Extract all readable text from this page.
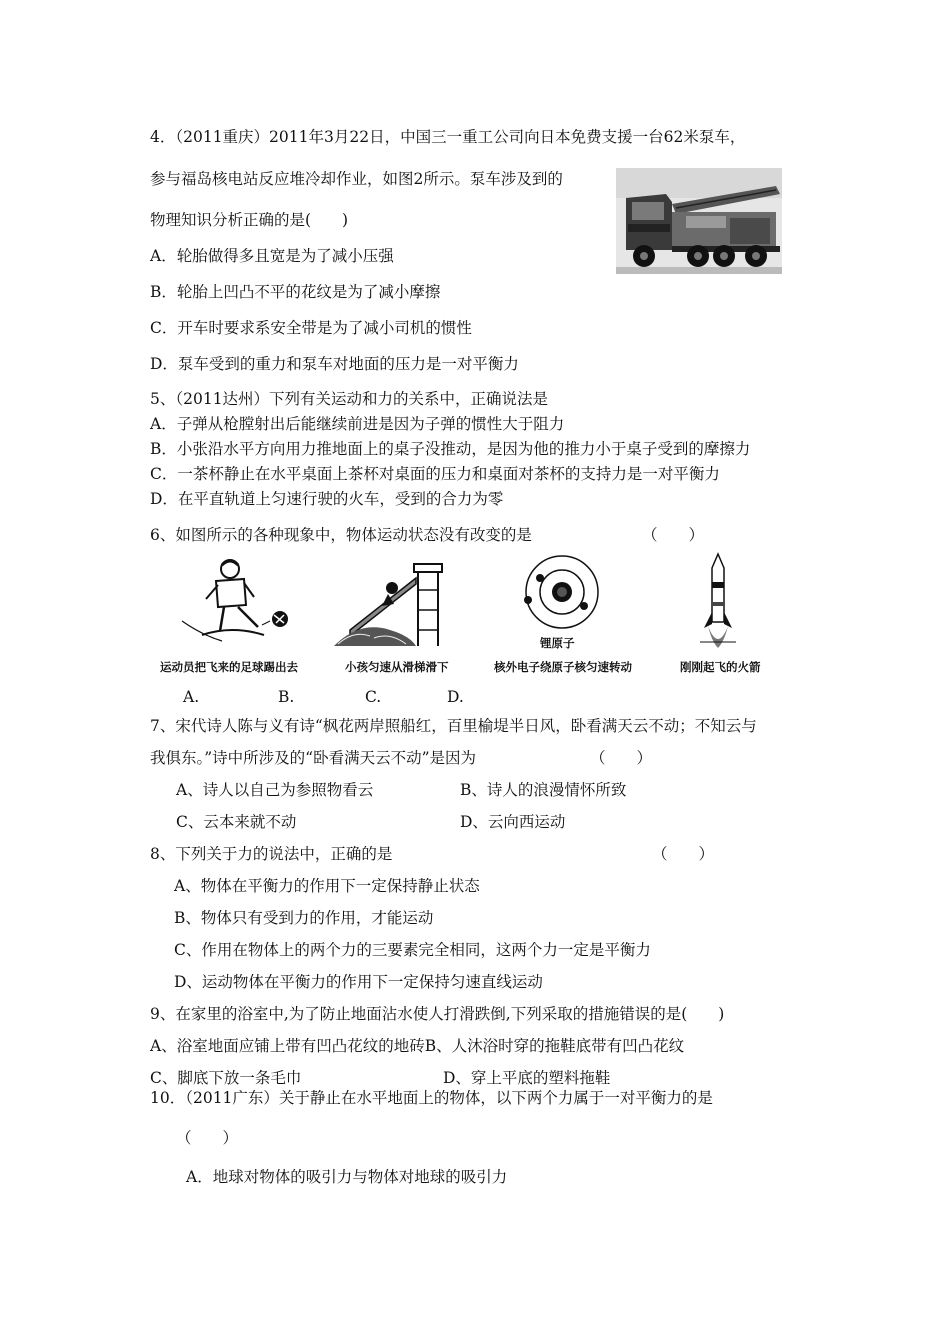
4．（2011重庆）2011年3月22日，中国三一重工公司向日本免费支援一台62米泵车，
参与福岛核电站反应堆冷却作业，如图2所示。泵车涉及到的
物理知识分析正确的是(　　)
A．轮胎做得多且宽是为了减小压强
B．轮胎上凹凸不平的花纹是为了减小摩擦
C．开车时要求系安全带是为了减小司机的惯性
D．泵车受到的重力和泵车对地面的压力是一对平衡力
5、（2011达州）下列有关运动和力的关系中，正确说法是
A．子弹从枪膛射出后能继续前进是因为子弹的惯性大于阻力
B．小张沿水平方向用力推地面上的桌子没推动，是因为他的推力小于桌子受到的摩擦力
C．一茶杯静止在水平桌面上茶杯对桌面的压力和桌面对茶杯的支持力是一对平衡力
D．在平直轨道上匀速行驶的火车，受到的合力为零
6、如图所示的各种现象中，物体运动状态没有改变的是	（　　）
锂原子
运动员把飞来的足球踢出去	小孩匀速从滑梯滑下	核外电子绕原子核匀速转动	刚刚起飞的火箭
A.	B.	C.	D.
7、宋代诗人陈与义有诗“枫花两岸照船红，百里榆堤半日风，卧看满天云不动；不知云与
我俱东。”诗中所涉及的“卧看满天云不动”是因为	（　　）
A、诗人以自己为参照物看云	B、诗人的浪漫情怀所致
C、云本来就不动	D、云向西运动
8、下列关于力的说法中，正确的是	（　　）
A、物体在平衡力的作用下一定保持静止状态
B、物体只有受到力的作用，才能运动
C、作用在物体上的两个力的三要素完全相同，这两个力一定是平衡力
D、运动物体在平衡力的作用下一定保持匀速直线运动
9、在家里的浴室中,为了防止地面沾水使人打滑跌倒,下列采取的措施错误的是(　　)
A、浴室地面应铺上带有凹凸花纹的地砖B、人沐浴时穿的拖鞋底带有凹凸花纹
C、脚底下放一条毛巾	D、穿上平底的塑料拖鞋
10．（2011广东）关于静止在水平地面上的物体，以下两个力属于一对平衡力的是
（　　）
A．地球对物体的吸引力与物体对地球的吸引力
